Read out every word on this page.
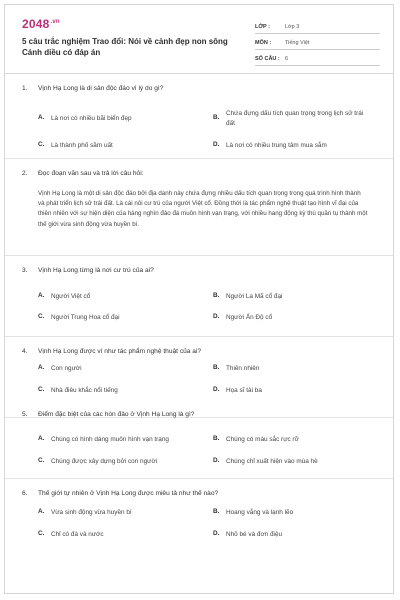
$2048^{.vn}$
5 câu trắc nghiệm Trao đổi: Nói về cảnh đẹp non sông Cánh diều có đáp án
LỚP :	Lớp 3
MÔN :	Tiếng Việt
SỐ CÂU : 6
1. Vịnh Hạ Long là di sản độc đáo vì lý do gì?
A. Là nơi có nhiều bãi biển đẹp	B.
Chứa đựng dấu tích quan trọng trong lịch sử trái đất
C. Là thành phố sầm uất	D. Là nơi có nhiều trung tâm mua sắm
2. Đọc đoạn văn sau và trả lời câu hỏi:
Vịnh Hạ Long là một di sản độc đáo bởi địa danh này chứa đựng nhiều dấu tích quan trọng trong quá trình hình thành và phát triển lịch sử trái đất. Là cái nôi cư trú của người Việt cổ. Đồng thời là tác phẩm nghệ thuật tạo hình vĩ đại của thiên nhiên với sự hiện diện của hàng nghìn đảo đá muôn hình vạn trạng, với nhiều hang động kỳ thú quần tụ thành một thế giới vừa sinh động vừa huyền bí.
3. Vịnh Hạ Long từng là nơi cư trú của ai?
A. Người Việt cổ	B. Người La Mã cổ đại
C. Người Trung Hoa cổ đại	D. Người Ấn Độ cổ
4. Vịnh Hạ Long được ví như tác phẩm nghệ thuật của ai?
A. Con người	B. Thiên nhiên
C. Nhà điêu khắc nổi tiếng	D. Họa sĩ tài ba
5. Điểm đặc biệt của các hòn đảo ở Vịnh Hạ Long là gì?
A. Chúng có hình dáng muôn hình vạn trạng	B. Chúng có màu sắc rực rỡ
C. Chúng được xây dựng bởi con người	D. Chúng chỉ xuất hiện vào mùa hè
6. Thế giới tự nhiên ở Vịnh Hạ Long được miêu tả như thế nào?
A. Vừa sinh động vừa huyền bí	B. Hoang vắng và lạnh lẽo
C. Chỉ có đá và nước	D. Nhỏ bé và đơn điệu
